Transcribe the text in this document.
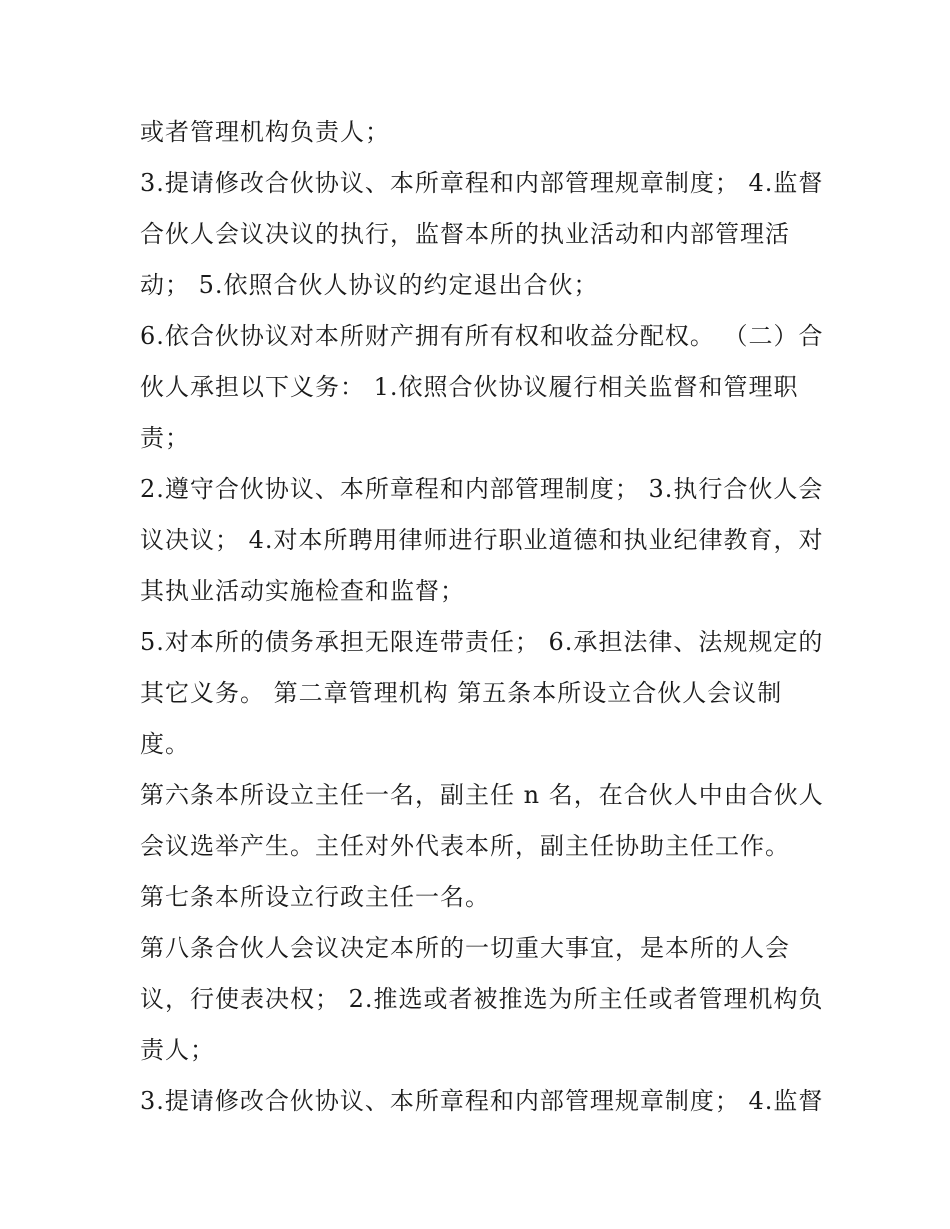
或者管理机构负责人；
3.提请修改合伙协议、本所章程和内部管理规章制度； 4.监督
合伙人会议决议的执行，监督本所的执业活动和内部管理活
动； 5.依照合伙人协议的约定退出合伙；
6.依合伙协议对本所财产拥有所有权和收益分配权。 （二）合
伙人承担以下义务： 1.依照合伙协议履行相关监督和管理职
责；
2.遵守合伙协议、本所章程和内部管理制度； 3.执行合伙人会
议决议； 4.对本所聘用律师进行职业道德和执业纪律教育，对
其执业活动实施检查和监督；
5.对本所的债务承担无限连带责任； 6.承担法律、法规规定的
其它义务。 第二章管理机构 第五条本所设立合伙人会议制
度。
第六条本所设立主任一名，副主任 n 名，在合伙人中由合伙人
会议选举产生。主任对外代表本所，副主任协助主任工作。
第七条本所设立行政主任一名。
第八条合伙人会议决定本所的一切重大事宜，是本所的人会
议，行使表决权； 2.推选或者被推选为所主任或者管理机构负
责人；
3.提请修改合伙协议、本所章程和内部管理规章制度； 4.监督
